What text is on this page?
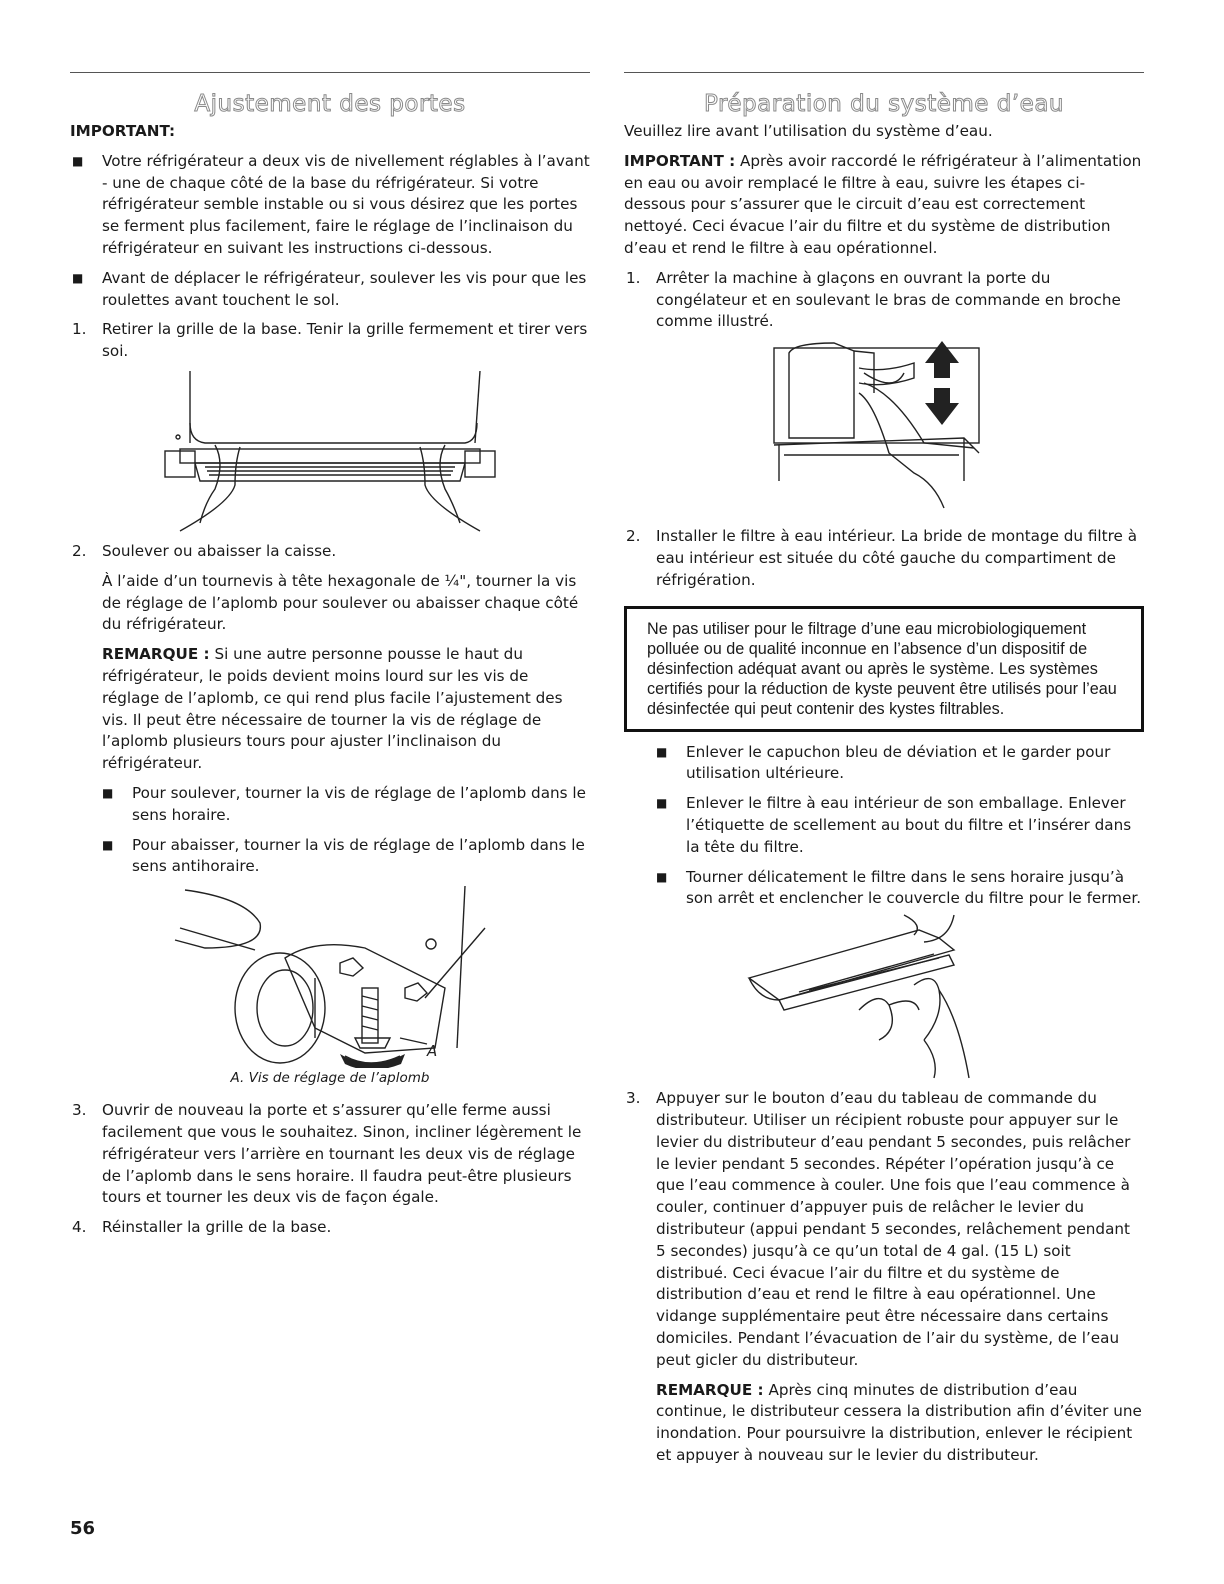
Ajustement des portes

IMPORTANT:

■ Votre réfrigérateur a deux vis de nivellement réglables à l’avant - une de chaque côté de la base du réfrigérateur. Si votre réfrigérateur semble instable ou si vous désirez que les portes se ferment plus facilement, faire le réglage de l’inclinaison du réfrigérateur en suivant les instructions ci-dessous.
■ Avant de déplacer le réfrigérateur, soulever les vis pour que les roulettes avant touchent le sol.
1. Retirer la grille de la base. Tenir la grille fermement et tirer vers soi.
2. Soulever ou abaisser la caisse.
À l’aide d’un tournevis à tête hexagonale de ¼", tourner la vis de réglage de l’aplomb pour soulever ou abaisser chaque côté du réfrigérateur.
REMARQUE : Si une autre personne pousse le haut du réfrigérateur, le poids devient moins lourd sur les vis de réglage de l’aplomb, ce qui rend plus facile l’ajustement des vis. Il peut être nécessaire de tourner la vis de réglage de l’aplomb plusieurs tours pour ajuster l’inclinaison du réfrigérateur.
■ Pour soulever, tourner la vis de réglage de l’aplomb dans le sens horaire.
■ Pour abaisser, tourner la vis de réglage de l’aplomb dans le sens antihoraire.
A
A. Vis de réglage de l’aplomb
3. Ouvrir de nouveau la porte et s’assurer qu’elle ferme aussi facilement que vous le souhaitez. Sinon, incliner légèrement le réfrigérateur vers l’arrière en tournant les deux vis de réglage de l’aplomb dans le sens horaire. Il faudra peut-être plusieurs tours et tourner les deux vis de façon égale.
4. Réinstaller la grille de la base.
Préparation du système d’eau

Veuillez lire avant l’utilisation du système d’eau.

IMPORTANT : Après avoir raccordé le réfrigérateur à l’alimentation en eau ou avoir remplacé le filtre à eau, suivre les étapes ci-dessous pour s’assurer que le circuit d’eau est correctement nettoyé. Ceci évacue l’air du filtre et du système de distribution d’eau et rend le filtre à eau opérationnel.

1. Arrêter la machine à glaçons en ouvrant la porte du congélateur et en soulevant le bras de commande en broche comme illustré.
2. Installer le filtre à eau intérieur. La bride de montage du filtre à eau intérieur est située du côté gauche du compartiment de réfrigération.

Ne pas utiliser pour le filtrage d’une eau microbiologiquement polluée ou de qualité inconnue en l’absence d’un dispositif de désinfection adéquat avant ou après le système. Les systèmes certifiés pour la réduction de kyste peuvent être utilisés pour l’eau désinfectée qui peut contenir des kystes filtrables.

■ Enlever le capuchon bleu de déviation et le garder pour utilisation ultérieure.
■ Enlever le filtre à eau intérieur de son emballage. Enlever l’étiquette de scellement au bout du filtre et l’insérer dans la tête du filtre.
■ Tourner délicatement le filtre dans le sens horaire jusqu’à son arrêt et enclencher le couvercle du filtre pour le fermer.
3. Appuyer sur le bouton d’eau du tableau de commande du distributeur. Utiliser un récipient robuste pour appuyer sur le levier du distributeur d’eau pendant 5 secondes, puis relâcher le levier pendant 5 secondes. Répéter l’opération jusqu’à ce que l’eau commence à couler. Une fois que l’eau commence à couler, continuer d’appuyer puis de relâcher le levier du distributeur (appui pendant 5 secondes, relâchement pendant 5 secondes) jusqu’à ce qu’un total de 4 gal. (15 L) soit distribué. Ceci évacue l’air du filtre et du système de distribution d’eau et rend le filtre à eau opérationnel. Une vidange supplémentaire peut être nécessaire dans certains domiciles. Pendant l’évacuation de l’air du système, de l’eau peut gicler du distributeur.
REMARQUE : Après cinq minutes de distribution d’eau continue, le distributeur cessera la distribution afin d’éviter une inondation. Pour poursuivre la distribution, enlever le récipient et appuyer à nouveau sur le levier du distributeur.
56
